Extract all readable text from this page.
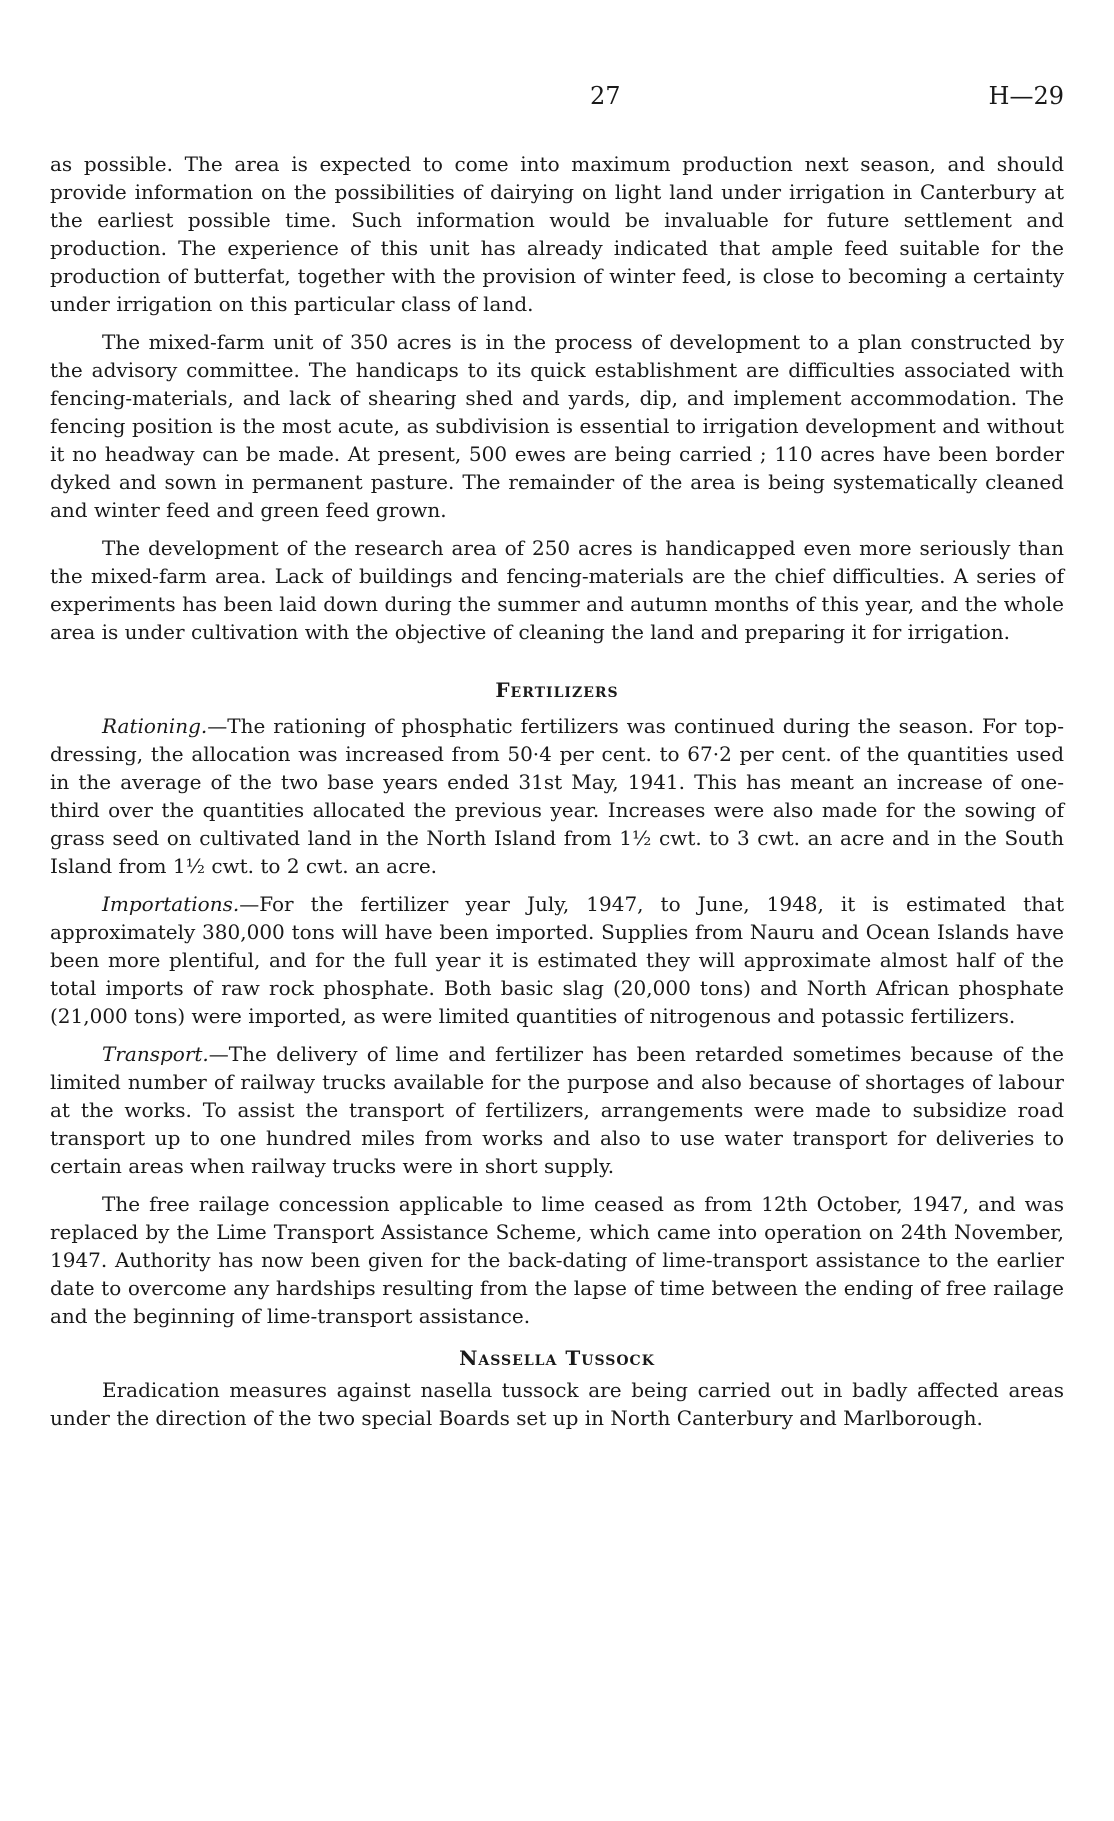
27	H—29

as possible. The area is expected to come into maximum production next season, and should provide information on the possibilities of dairying on light land under irrigation in Canterbury at the earliest possible time. Such information would be invaluable for future settlement and production. The experience of this unit has already indicated that ample feed suitable for the production of butterfat, together with the provision of winter feed, is close to becoming a certainty under irrigation on this particular class of land.

The mixed-farm unit of 350 acres is in the process of development to a plan constructed by the advisory committee. The handicaps to its quick establishment are difficulties associated with fencing-materials, and lack of shearing shed and yards, dip, and implement accommodation. The fencing position is the most acute, as subdivision is essential to irrigation development and without it no headway can be made. At present, 500 ewes are being carried ; 110 acres have been border dyked and sown in permanent pasture. The remainder of the area is being systematically cleaned and winter feed and green feed grown.

The development of the research area of 250 acres is handicapped even more seriously than the mixed-farm area. Lack of buildings and fencing-materials are the chief difficulties. A series of experiments has been laid down during the summer and autumn months of this year, and the whole area is under cultivation with the objective of cleaning the land and preparing it for irrigation.

Fertilizers

Rationing.—The rationing of phosphatic fertilizers was continued during the season. For top-dressing, the allocation was increased from 50·4 per cent. to 67·2 per cent. of the quantities used in the average of the two base years ended 31st May, 1941. This has meant an increase of one-third over the quantities allocated the previous year. Increases were also made for the sowing of grass seed on cultivated land in the North Island from 1½ cwt. to 3 cwt. an acre and in the South Island from 1½ cwt. to 2 cwt. an acre.

Importations.—For the fertilizer year July, 1947, to June, 1948, it is estimated that approximately 380,000 tons will have been imported. Supplies from Nauru and Ocean Islands have been more plentiful, and for the full year it is estimated they will approximate almost half of the total imports of raw rock phosphate. Both basic slag (20,000 tons) and North African phosphate (21,000 tons) were imported, as were limited quantities of nitrogenous and potassic fertilizers.

Transport.—The delivery of lime and fertilizer has been retarded sometimes because of the limited number of railway trucks available for the purpose and also because of shortages of labour at the works. To assist the transport of fertilizers, arrangements were made to subsidize road transport up to one hundred miles from works and also to use water transport for deliveries to certain areas when railway trucks were in short supply.

The free railage concession applicable to lime ceased as from 12th October, 1947, and was replaced by the Lime Transport Assistance Scheme, which came into operation on 24th November, 1947. Authority has now been given for the back-dating of lime-transport assistance to the earlier date to overcome any hardships resulting from the lapse of time between the ending of free railage and the beginning of lime-transport assistance.

Nassella Tussock

Eradication measures against nasella tussock are being carried out in badly affected areas under the direction of the two special Boards set up in North Canterbury and Marlborough.
